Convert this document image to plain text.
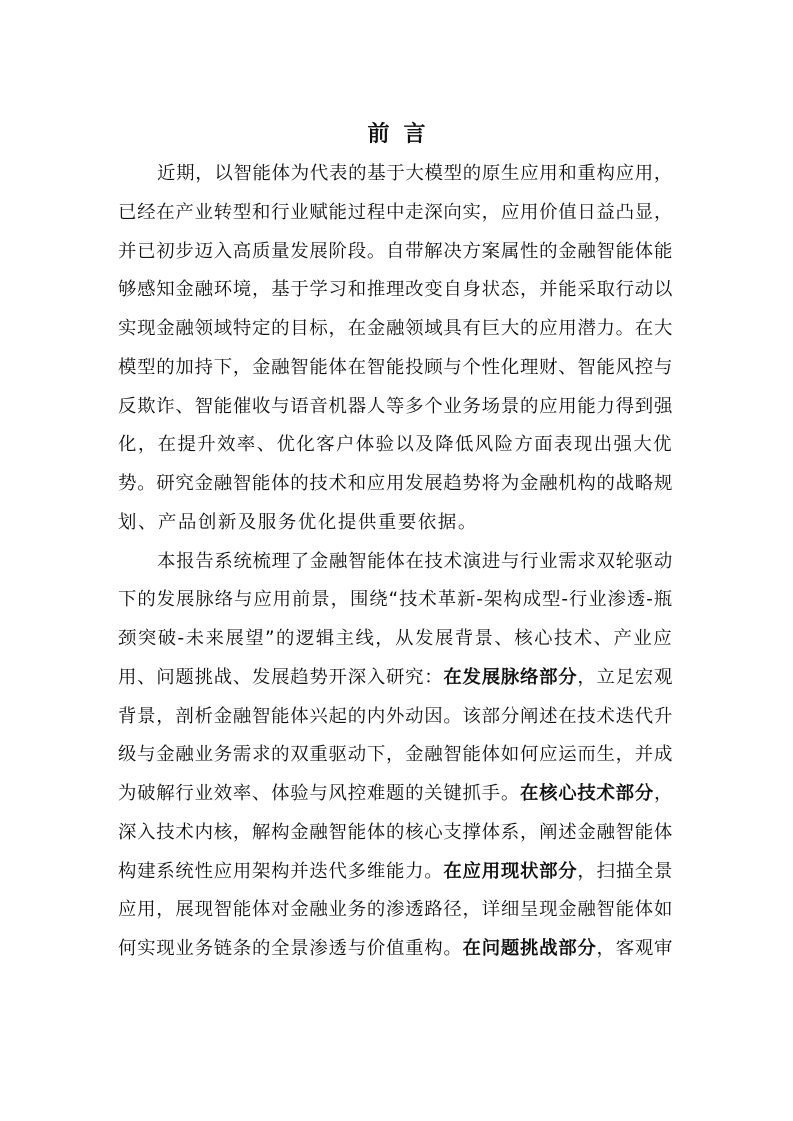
前言
近期，以智能体为代表的基于大模型的原生应用和重构应用，
已经在产业转型和行业赋能过程中走深向实，应用价值日益凸显，
并已初步迈入高质量发展阶段。自带解决方案属性的金融智能体能
够感知金融环境，基于学习和推理改变自身状态，并能采取行动以
实现金融领域特定的目标，在金融领域具有巨大的应用潜力。在大
模型的加持下，金融智能体在智能投顾与个性化理财、智能风控与
反欺诈、智能催收与语音机器人等多个业务场景的应用能力得到强
化，在提升效率、优化客户体验以及降低风险方面表现出强大优
势。研究金融智能体的技术和应用发展趋势将为金融机构的战略规
划、产品创新及服务优化提供重要依据。
本报告系统梳理了金融智能体在技术演进与行业需求双轮驱动
下的发展脉络与应用前景，围绕“技术革新-架构成型-行业渗透-瓶
颈突破-未来展望”的逻辑主线，从发展背景、核心技术、产业应
用、问题挑战、发展趋势开深入研究：在发展脉络部分，立足宏观
背景，剖析金融智能体兴起的内外动因。该部分阐述在技术迭代升
级与金融业务需求的双重驱动下，金融智能体如何应运而生，并成
为破解行业效率、体验与风控难题的关键抓手。在核心技术部分，
深入技术内核，解构金融智能体的核心支撑体系，阐述金融智能体
构建系统性应用架构并迭代多维能力。在应用现状部分，扫描全景
应用，展现智能体对金融业务的渗透路径，详细呈现金融智能体如
何实现业务链条的全景渗透与价值重构。在问题挑战部分，客观审
